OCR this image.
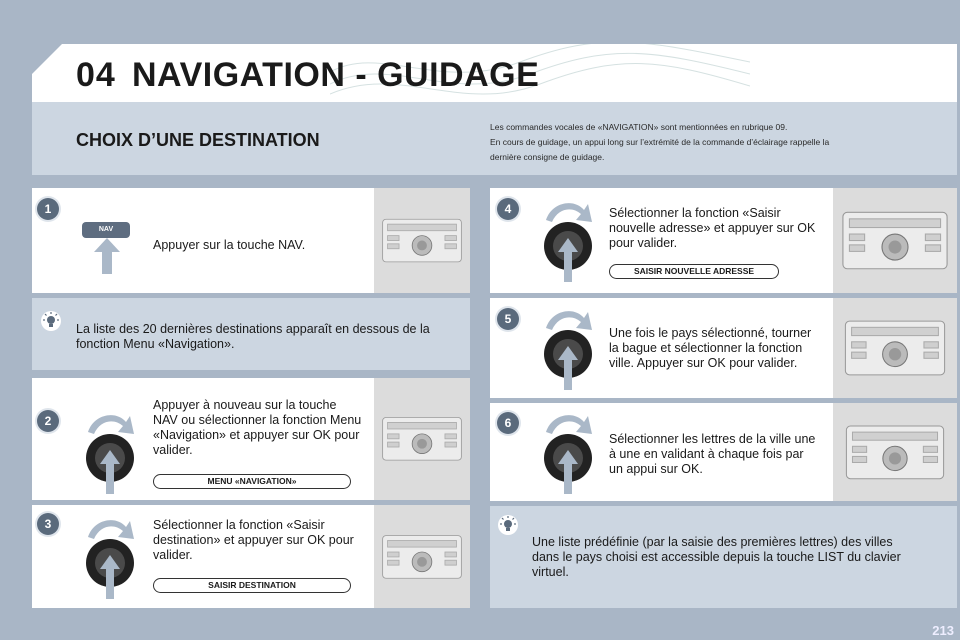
04 NAVIGATION - GUIDAGE
CHOIX D’UNE DESTINATION

Les commandes vocales de «NAVIGATION» sont mentionnées en rubrique 09.

En cours de guidage, un appui long sur l’extrémité de la commande d’éclairage rappelle la

dernière consigne de guidage.

1
NAV
Appuyer sur la touche NAV.
La liste des 20 dernières destinations apparaît en dessous de la
fonction Menu «Navigation».
2
Appuyer à nouveau sur la touche
NAV ou sélectionner la fonction Menu
«Navigation» et appuyer sur OK pour
valider.
MENU «NAVIGATION»
3	Sélectionner la fonction «Saisir
destination» et appuyer sur OK pour
valider.
SAISIR DESTINATION
4	Sélectionner la fonction «Saisir
nouvelle adresse» et appuyer sur OK
pour valider.
SAISIR NOUVELLE ADRESSE
5
Une fois le pays sélectionné, tourner
la bague et sélectionner la fonction
ville. Appuyer sur OK pour valider.
6
Sélectionner les lettres de la ville une
à une en validant à chaque fois par
un appui sur OK.
Une liste prédéfinie (par la saisie des premières lettres) des villes
dans le pays choisi est accessible depuis la touche LIST du clavier
virtuel.
213
